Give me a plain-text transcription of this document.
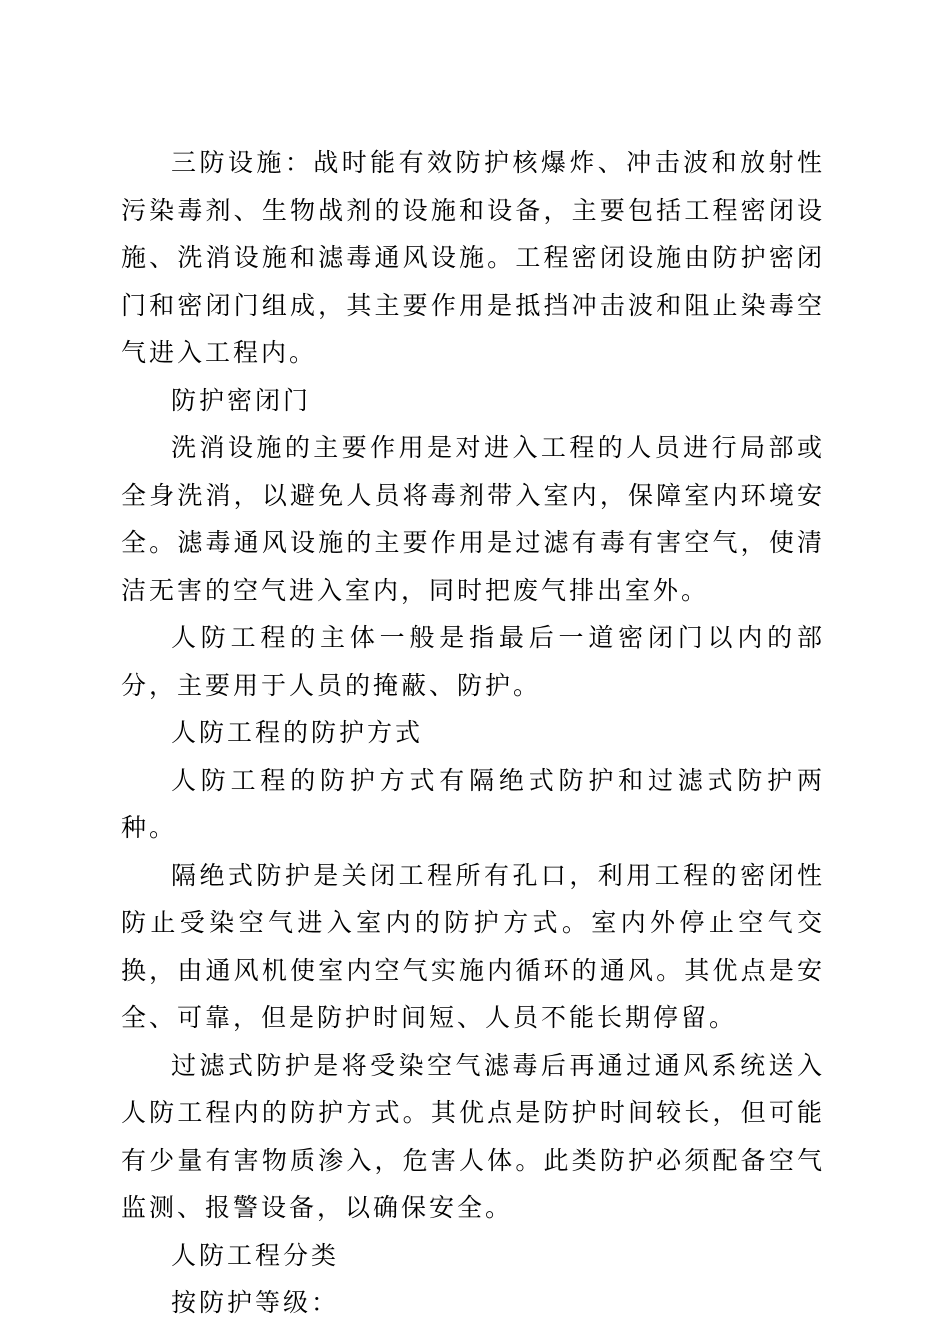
三防设施：战时能有效防护核爆炸、冲击波和放射性污染毒剂、生物战剂的设施和设备，主要包括工程密闭设施、洗消设施和滤毒通风设施。工程密闭设施由防护密闭门和密闭门组成，其主要作用是抵挡冲击波和阻止染毒空气进入工程内。

防护密闭门

洗消设施的主要作用是对进入工程的人员进行局部或全身洗消，以避免人员将毒剂带入室内，保障室内环境安全。滤毒通风设施的主要作用是过滤有毒有害空气，使清洁无害的空气进入室内，同时把废气排出室外。

人防工程的主体一般是指最后一道密闭门以内的部分，主要用于人员的掩蔽、防护。

人防工程的防护方式

人防工程的防护方式有隔绝式防护和过滤式防护两种。

隔绝式防护是关闭工程所有孔口，利用工程的密闭性防止受染空气进入室内的防护方式。室内外停止空气交换，由通风机使室内空气实施内循环的通风。其优点是安全、可靠，但是防护时间短、人员不能长期停留。

过滤式防护是将受染空气滤毒后再通过通风系统送入人防工程内的防护方式。其优点是防护时间较长，但可能有少量有害物质渗入，危害人体。此类防护必须配备空气监测、报警设备，以确保安全。

人防工程分类

按防护等级：
